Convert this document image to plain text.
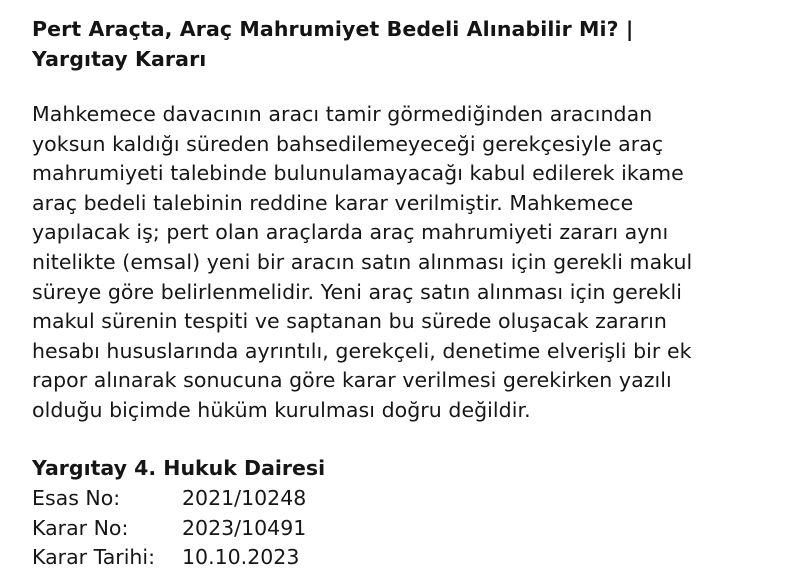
Pert Araçta, Araç Mahrumiyet Bedeli Alınabilir Mi? | Yargıtay Kararı

Mahkemece davacının aracı tamir görmediğinden aracından yoksun kaldığı süreden bahsedilemeyeceği gerekçesiyle araç mahrumiyeti talebinde bulunulamayacağı kabul edilerek ikame araç bedeli talebinin reddine karar verilmiştir. Mahkemece yapılacak iş; pert olan araçlarda araç mahrumiyeti zararı aynı nitelikte (emsal) yeni bir aracın satın alınması için gerekli makul süreye göre belirlenmelidir. Yeni araç satın alınması için gerekli makul sürenin tespiti ve saptanan bu sürede oluşacak zararın hesabı hususlarında ayrıntılı, gerekçeli, denetime elverişli bir ek rapor alınarak sonucuna göre karar verilmesi gerekirken yazılı olduğu biçimde hüküm kurulması doğru değildir.

Yargıtay 4. Hukuk Dairesi
Esas No:	2021/10248
Karar No:	2023/10491
Karar Tarihi:	10.10.2023
